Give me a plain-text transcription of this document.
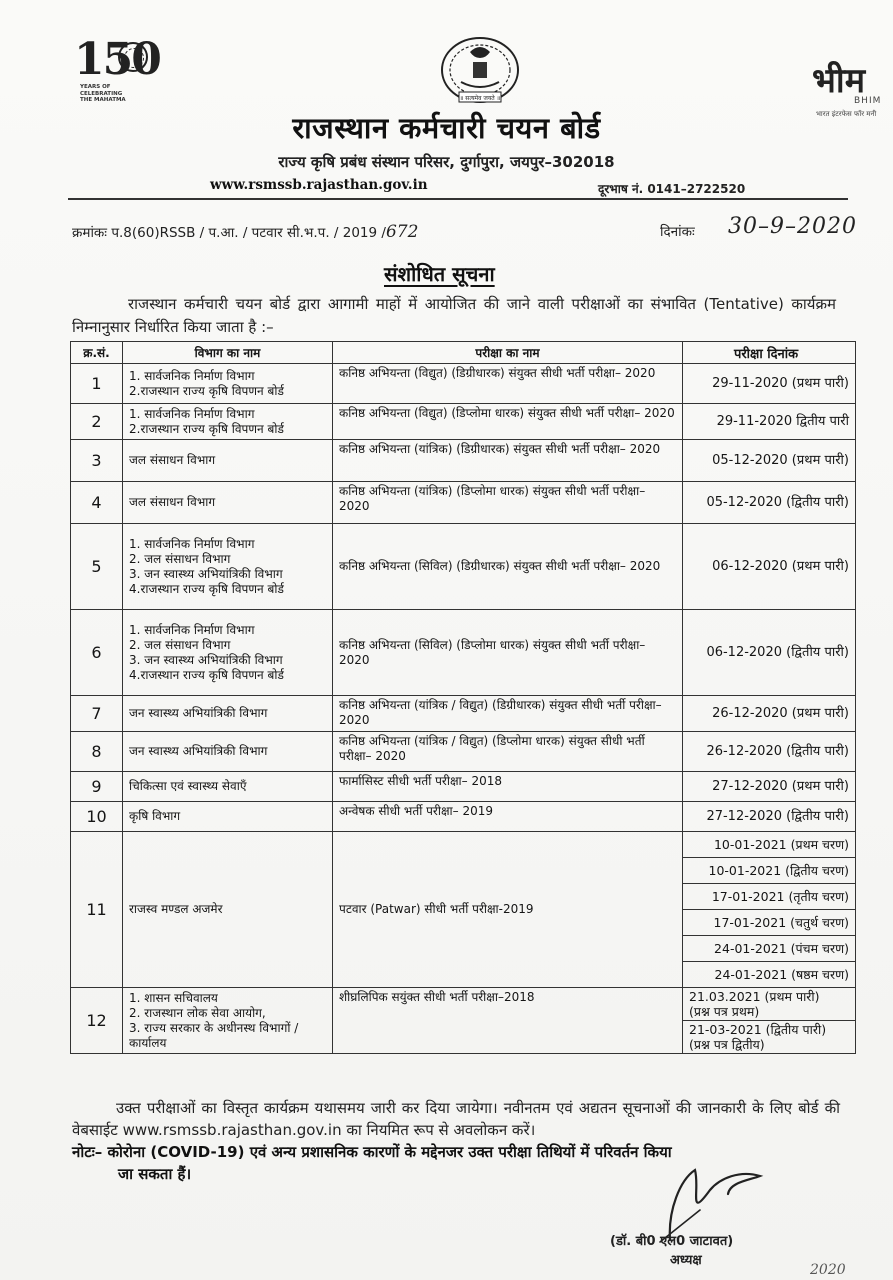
150
YEARS OF
CELEBRATING
THE MAHATMA	॥ सत्यमेव जयते ॥	भीम
BHIM
भारत इंटरफेस फॉर मनी
राजस्थान कर्मचारी चयन बोर्ड
राज्य कृषि प्रबंध संस्थान परिसर, दुर्गापुरा, जयपुर–302018
www.rsmssb.rajasthan.gov.in	दूरभाष नं. 0141–2722520
क्रमांकः प.8(60)RSSB / प.आ. / पटवार सी.भ.प. / 2019 /672	दिनांकः 30–9–2020
संशोधित सूचना
राजस्थान कर्मचारी चयन बोर्ड द्वारा आगामी माहों में आयोजित की जाने वाली परीक्षाओं का संभावित (Tentative) कार्यक्रम निम्नानुसार निर्धारित किया जाता है :–
क्र.सं.	विभाग का नाम	परीक्षा का नाम	परीक्षा दिनांक
1	1. सार्वजनिक निर्माण विभाग
2.राजस्थान राज्य कृषि विपणन बोर्ड	कनिष्ठ अभियन्ता (विद्युत) (डिग्रीधारक) संयुक्त सीधी भर्ती परीक्षा– 2020	29-11-2020 (प्रथम पारी)
2	1. सार्वजनिक निर्माण विभाग
2.राजस्थान राज्य कृषि विपणन बोर्ड	कनिष्ठ अभियन्ता (विद्युत) (डिप्लोमा धारक) संयुक्त सीधी भर्ती परीक्षा– 2020	29-11-2020 द्वितीय पारी
3	जल संसाधन विभाग	कनिष्ठ अभियन्ता (यांत्रिक) (डिग्रीधारक) संयुक्त सीधी भर्ती परीक्षा– 2020	05-12-2020 (प्रथम पारी)
4	जल संसाधन विभाग	कनिष्ठ अभियन्ता (यांत्रिक) (डिप्लोमा धारक) संयुक्त सीधी भर्ती परीक्षा– 2020	05-12-2020 (द्वितीय पारी)
5	1. सार्वजनिक निर्माण विभाग
2. जल संसाधन विभाग
3. जन स्वास्थ्य अभियांत्रिकी विभाग
4.राजस्थान राज्य कृषि विपणन बोर्ड	कनिष्ठ अभियन्ता (सिविल) (डिग्रीधारक) संयुक्त सीधी भर्ती परीक्षा– 2020	06-12-2020 (प्रथम पारी)
6	1. सार्वजनिक निर्माण विभाग
2. जल संसाधन विभाग
3. जन स्वास्थ्य अभियांत्रिकी विभाग
4.राजस्थान राज्य कृषि विपणन बोर्ड	कनिष्ठ अभियन्ता (सिविल) (डिप्लोमा धारक) संयुक्त सीधी भर्ती परीक्षा– 2020	06-12-2020 (द्वितीय पारी)
7	जन स्वास्थ्य अभियांत्रिकी विभाग	कनिष्ठ अभियन्ता (यांत्रिक / विद्युत) (डिग्रीधारक) संयुक्त सीधी भर्ती परीक्षा– 2020	26-12-2020 (प्रथम पारी)
8	जन स्वास्थ्य अभियांत्रिकी विभाग	कनिष्ठ अभियन्ता (यांत्रिक / विद्युत) (डिप्लोमा धारक) संयुक्त सीधी भर्ती परीक्षा– 2020	26-12-2020 (द्वितीय पारी)
9	चिकित्सा एवं स्वास्थ्य सेवाएँ	फार्मासिस्ट सीधी भर्ती परीक्षा– 2018	27-12-2020 (प्रथम पारी)
10	कृषि विभाग	अन्वेषक सीधी भर्ती परीक्षा– 2019	27-12-2020 (द्वितीय पारी)
11	राजस्व मण्डल अजमेर	पटवार (Patwar) सीधी भर्ती परीक्षा-2019	10-01-2021 (प्रथम चरण)
			10-01-2021 (द्वितीय चरण)
			17-01-2021 (तृतीय चरण)
			17-01-2021 (चतुर्थ चरण)
			24-01-2021 (पंचम चरण)
			24-01-2021 (षष्ठम चरण)
12	1. शासन सचिवालय
2. राजस्थान लोक सेवा आयोग,
3. राज्य सरकार के अधीनस्थ विभागों / कार्यालय	शीघ्रलिपिक सयुंक्त सीधी भर्ती परीक्षा–2018	21.03.2021 (प्रथम पारी)
(प्रश्न पत्र प्रथम)

			21-03-2021 (द्वितीय पारी)
(प्रश्न पत्र द्वितीय)
उक्त परीक्षाओं का विस्तृत कार्यक्रम यथासमय जारी कर दिया जायेगा। नवीनतम एवं अद्यतन सूचनाओं की जानकारी के लिए बोर्ड की वेबसाईट www.rsmssb.rajasthan.gov.in का नियमित रूप से अवलोकन करें।
नोटः– कोरोना (COVID-19) एवं अन्य प्रशासनिक कारणों के मद्देनजर उक्त परीक्षा तिथियों में परिवर्तन किया
जा सकता हैं।
(डॉ. बी0 एल0 जाटावत)
अध्यक्ष
2020
